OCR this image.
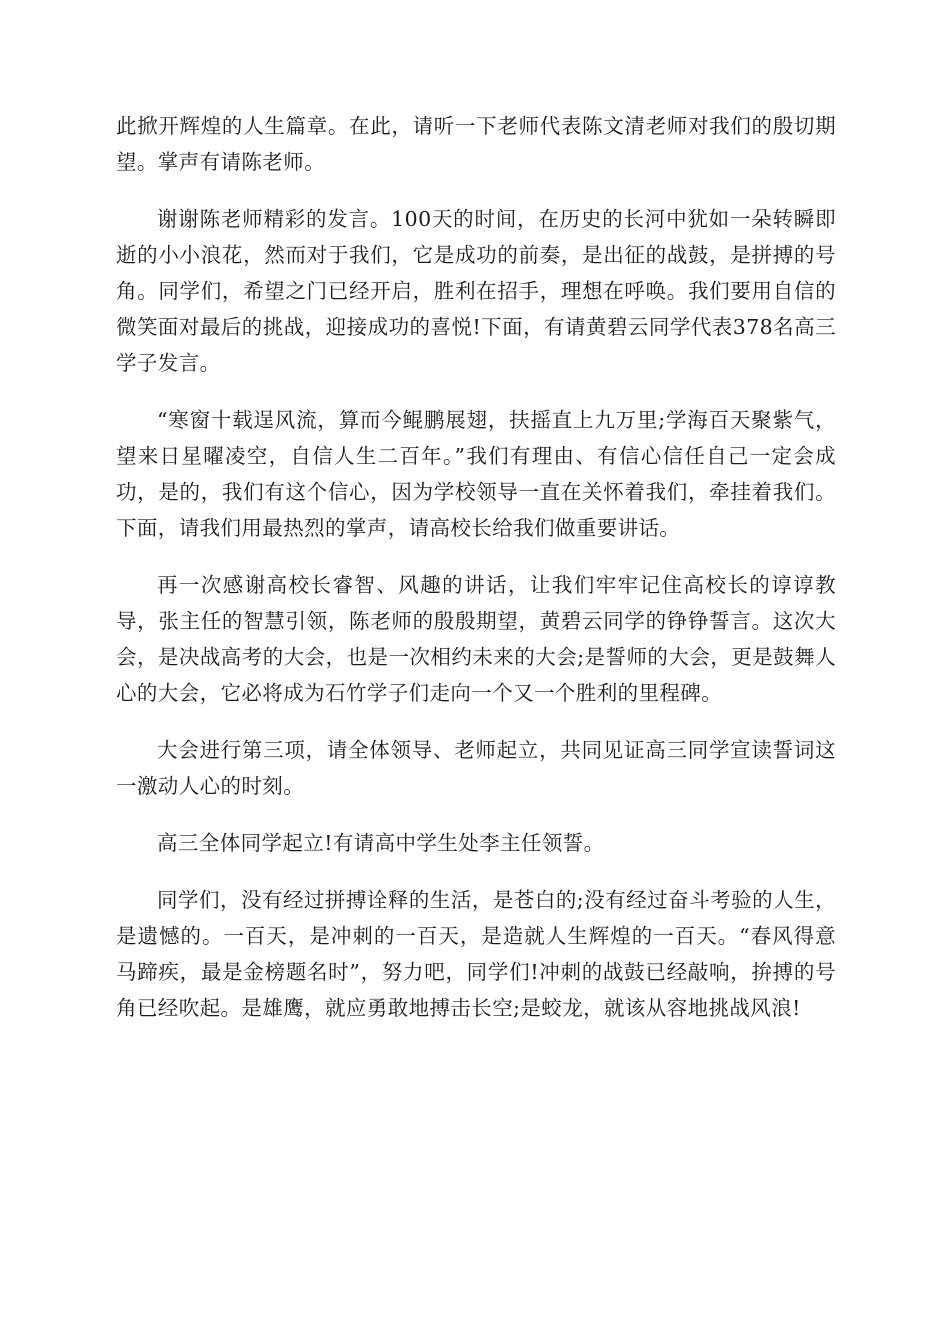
此掀开辉煌的人生篇章。在此，请听一下老师代表陈文清老师对我们的殷切期望。掌声有请陈老师。

谢谢陈老师精彩的发言。100天的时间，在历史的长河中犹如一朵转瞬即逝的小小浪花，然而对于我们，它是成功的前奏，是出征的战鼓，是拼搏的号角。同学们，希望之门已经开启，胜利在招手，理想在呼唤。我们要用自信的微笑面对最后的挑战，迎接成功的喜悦!下面，有请黄碧云同学代表378名高三学子发言。

“寒窗十载逞风流，算而今鲲鹏展翅，扶摇直上九万里;学海百天聚紫气，望来日星曜凌空，自信人生二百年。”我们有理由、有信心信任自己一定会成功，是的，我们有这个信心，因为学校领导一直在关怀着我们，牵挂着我们。下面，请我们用最热烈的掌声，请高校长给我们做重要讲话。

再一次感谢高校长睿智、风趣的讲话，让我们牢牢记住高校长的谆谆教导，张主任的智慧引领，陈老师的殷殷期望，黄碧云同学的铮铮誓言。这次大会，是决战高考的大会，也是一次相约未来的大会;是誓师的大会，更是鼓舞人心的大会，它必将成为石竹学子们走向一个又一个胜利的里程碑。

大会进行第三项，请全体领导、老师起立，共同见证高三同学宣读誓词这一激动人心的时刻。

高三全体同学起立!有请高中学生处李主任领誓。

同学们，没有经过拼搏诠释的生活，是苍白的;没有经过奋斗考验的人生，是遗憾的。一百天，是冲刺的一百天，是造就人生辉煌的一百天。“春风得意马蹄疾，最是金榜题名时”，努力吧，同学们!冲刺的战鼓已经敲响，拚搏的号角已经吹起。是雄鹰，就应勇敢地搏击长空;是蛟龙，就该从容地挑战风浪!
